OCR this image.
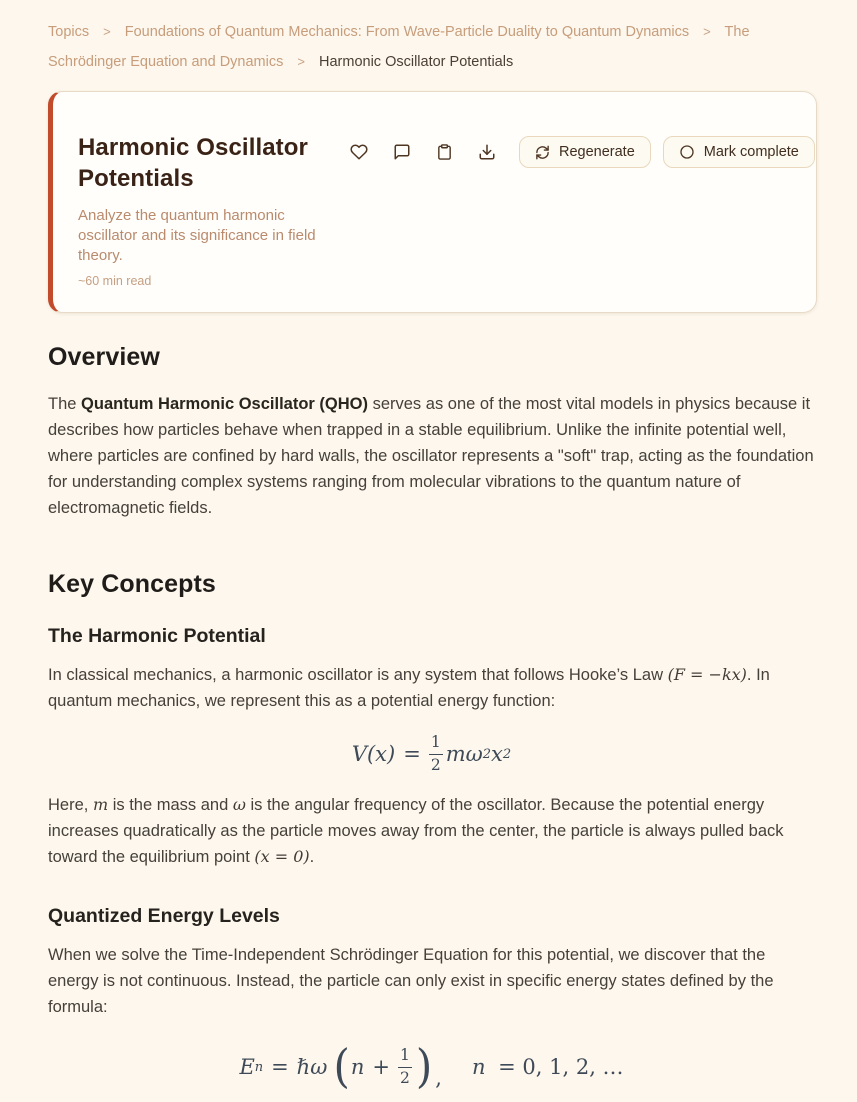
Topics > Foundations of Quantum Mechanics: From Wave-Particle Duality to Quantum Dynamics > The Schrödinger Equation and Dynamics > Harmonic Oscillator Potentials
Harmonic Oscillator Potentials

Analyze the quantum harmonic oscillator and its significance in field theory.

~60 min read
Regenerate	Mark complete
Overview

The Quantum Harmonic Oscillator (QHO) serves as one of the most vital models in physics because it describes how particles behave when trapped in a stable equilibrium. Unlike the infinite potential well, where particles are confined by hard walls, the oscillator represents a "soft" trap, acting as the foundation for understanding complex systems ranging from molecular vibrations to the quantum nature of electromagnetic fields.

Key Concepts
The Harmonic Potential

In classical mechanics, a harmonic oscillator is any system that follows Hooke’s Law (F = −kx). In quantum mechanics, we represent this as a potential energy function:

$V(x) = \frac{1}{2}$ mω 2 x 2

Here, m is the mass and ω is the angular frequency of the oscillator. Because the potential energy increases quadratically as the particle moves away from the center, the particle is always pulled back toward the equilibrium point (x = 0).

Quantized Energy Levels

When we solve the Time-Independent Schrödinger Equation for this potential, we discover that the energy is not continuous. Instead, the particle can only exist in specific energy states defined by the formula:

E n = ℏω ( $n + \frac{1}{2}$ ) , n = 0, 1, 2, …
